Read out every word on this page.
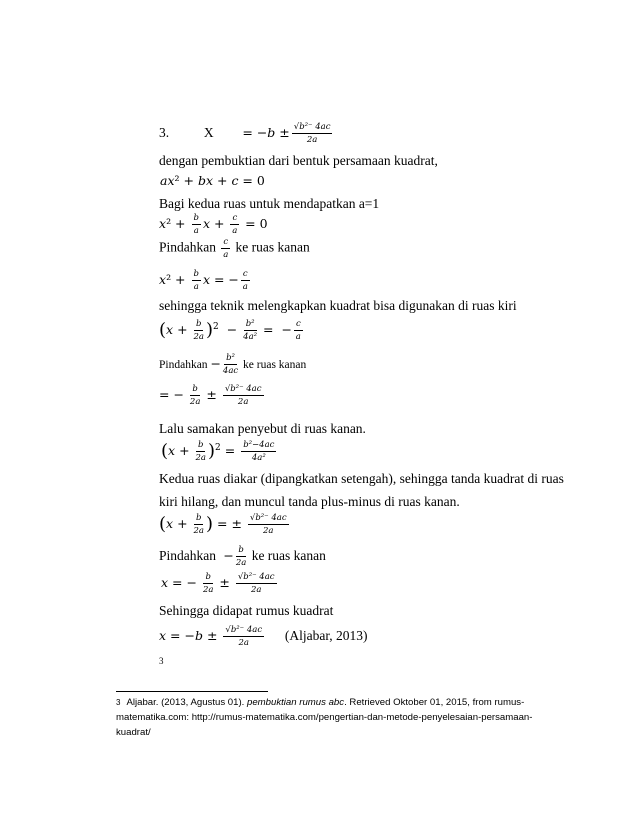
3.	$X = -b \pm \frac{\text{√b²⁻ 4ac}}{2a}$
dengan pembuktian dari bentuk persamaan kuadrat,
ax² + bx + c = 0
Bagi kedua ruas untuk mendapatkan a=1
$x^2 + \frac{b}{a}$ $x + \frac{c}{a} = 0$
Pindahkan $\frac{c}{a}$ ke ruas kanan
$x^2 + \frac{b}{a}$ x = − $\frac{c}{a}$
sehingga teknik melengkapkan kuadrat bisa digunakan di ruas kiri
$(x + \frac{b}{2a} )^2 - \frac{\text{b²}}{\text{4a²}}$ =  − $\frac{c}{a}$
Pindahkan − $\frac{\text{b²}}{4ac}$ ke ruas kanan
= − $\frac{b}{2a} \pm \frac{\text{√b²⁻ 4ac}}{2a}$
Lalu samakan penyebut di ruas kanan.
$(x + \frac{b}{2a} )^2 = \frac{\text{b²−4ac}}{\text{4a²}}$
Kedua ruas diakar (dipangkatkan setengah), sehingga tanda kuadrat di ruas
kiri hilang, dan muncul tanda plus-minus di ruas kanan.
($x + \frac{b}{2a}$ ) = ± $\frac{\text{√b²⁻ 4ac}}{2a}$
Pindahkan  − $\frac{b}{2a}$ ke ruas kanan
x = − $\frac{b}{2a} \pm \frac{\text{√b²⁻ 4ac}}{2a}$
Sehingga didapat rumus kuadrat
$x = -b \pm \frac{\text{√b²⁻ 4ac}}{2a}$ (Aljabar, 2013)
3
3 Aljabar. (2013, Agustus 01). pembuktian rumus abc. Retrieved Oktober 01, 2015, from rumus-matematika.com: http://rumus-matematika.com/pengertian-dan-metode-penyelesaian-persamaan-kuadrat/
